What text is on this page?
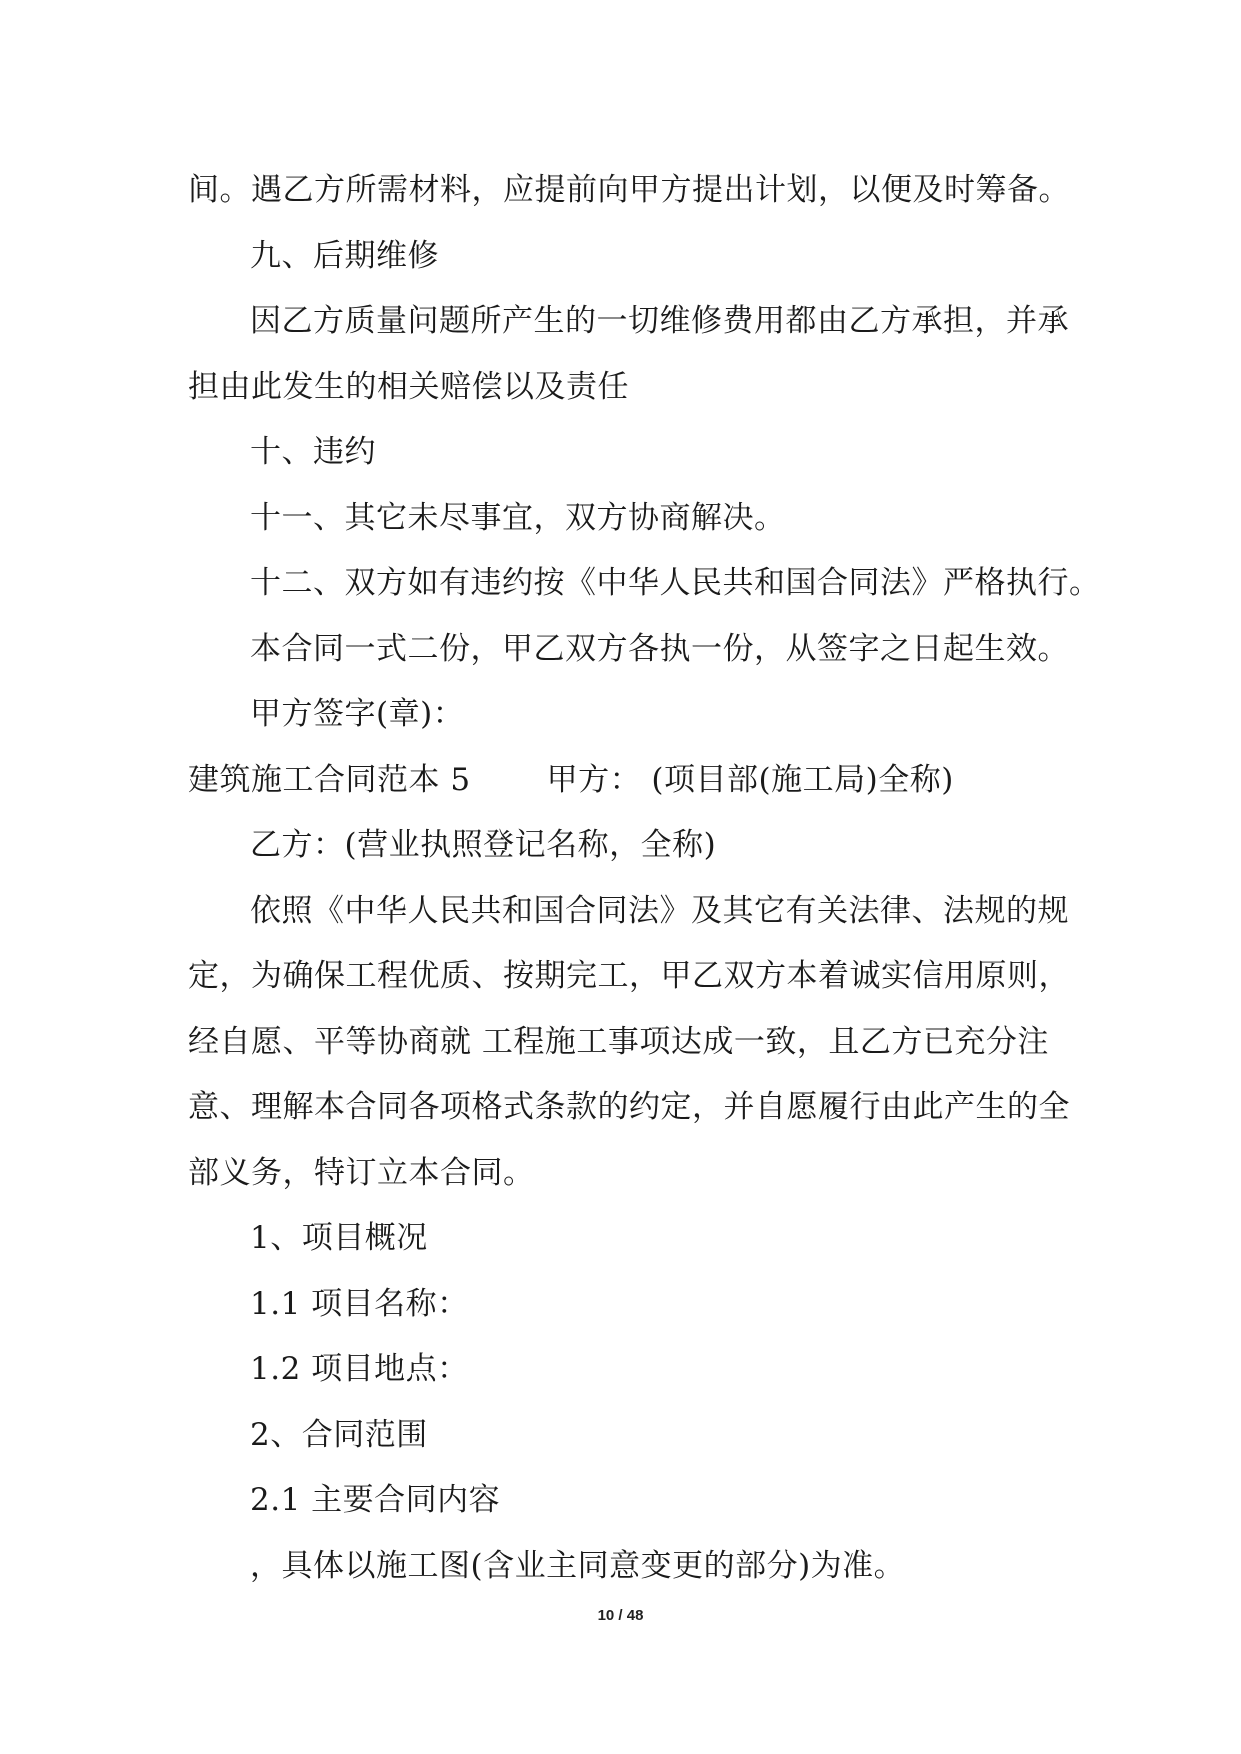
间。遇乙方所需材料，应提前向甲方提出计划，以便及时筹备。
九、后期维修
因乙方质量问题所产生的一切维修费用都由乙方承担，并承
担由此发生的相关赔偿以及责任
十、违约
十一、其它未尽事宜，双方协商解决。
十二、双方如有违约按《中华人民共和国合同法》严格执行。
本合同一式二份，甲乙双方各执一份，从签字之日起生效。
甲方签字(章)：
建筑施工合同范本 5 甲方： (项目部(施工局)全称)
乙方：(营业执照登记名称，全称)
依照《中华人民共和国合同法》及其它有关法律、法规的规
定，为确保工程优质、按期完工，甲乙双方本着诚实信用原则，
经自愿、平等协商就 工程施工事项达成一致，且乙方已充分注
意、理解本合同各项格式条款的约定，并自愿履行由此产生的全
部义务，特订立本合同。
1、项目概况
1.1 项目名称：
1.2 项目地点：
2、合同范围
2.1 主要合同内容
，具体以施工图(含业主同意变更的部分)为准。
10 / 48
